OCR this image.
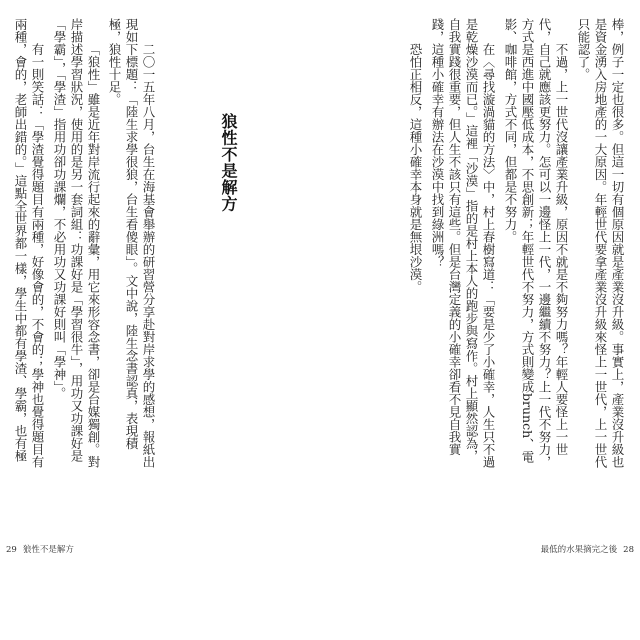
狼性不是解方
二〇一五年八月，台生在海基會舉辦的研習營分享赴對岸求學的感想，報紙出
現如下標題：「陸生求學很狼，台生看傻眼」。文中說，陸生念書認真，表現積
極，狼性十足。
「狼性」雖是近年對岸流行起來的辭彙，用它來形容念書，卻是台媒獨創。對
岸描述學習狀況，使用的是另一套詞組：功課好是「學習很牛」，用功又功課好是
「學霸」，「學渣」指用功卻功課爛，不必用功又功課好則叫「學神」。
有一則笑話：「學渣覺得題目有兩種，好像會的，不會的；學神也覺得題目有
兩種，會的，老師出錯的。」這點全世界都一樣，學生中都有學渣、學霸，也有極
29 狼性不是解方
棒，例子一定也很多。但這一切有個原因就是產業沒升級。事實上，產業沒升級也
是資金湧入房地產的一大原因。年輕世代要拿產業沒升級來怪上一世代，上一世代
只能認了。
不過，上一世代沒讓產業升級，原因不就是不夠努力嗎？年輕人要怪上一世
代，自己就應該更努力。怎可以一邊怪上一代，一邊繼續不努力？上一代不努力，
方式是西進中國壓低成本，不思創新；年輕世代不努力，方式則變成brunch、電
影、咖啡館，方式不同，但都是不努力。
在〈尋找漩渦貓的方法〉中，村上春樹寫道：「要是少了小確幸，人生只不過
是乾燥沙漠而已。」這裡「沙漠」指的是村上本人的跑步與寫作。村上顯然認為，
自我實踐很重要，但人生不該只有這些。但是台灣定義的小確幸卻看不見自我實
踐，這種小確幸有辦法在沙漠中找到綠洲嗎？
恐怕正相反，這種小確幸本身就是無垠沙漠。
最低的水果摘完之後 28
